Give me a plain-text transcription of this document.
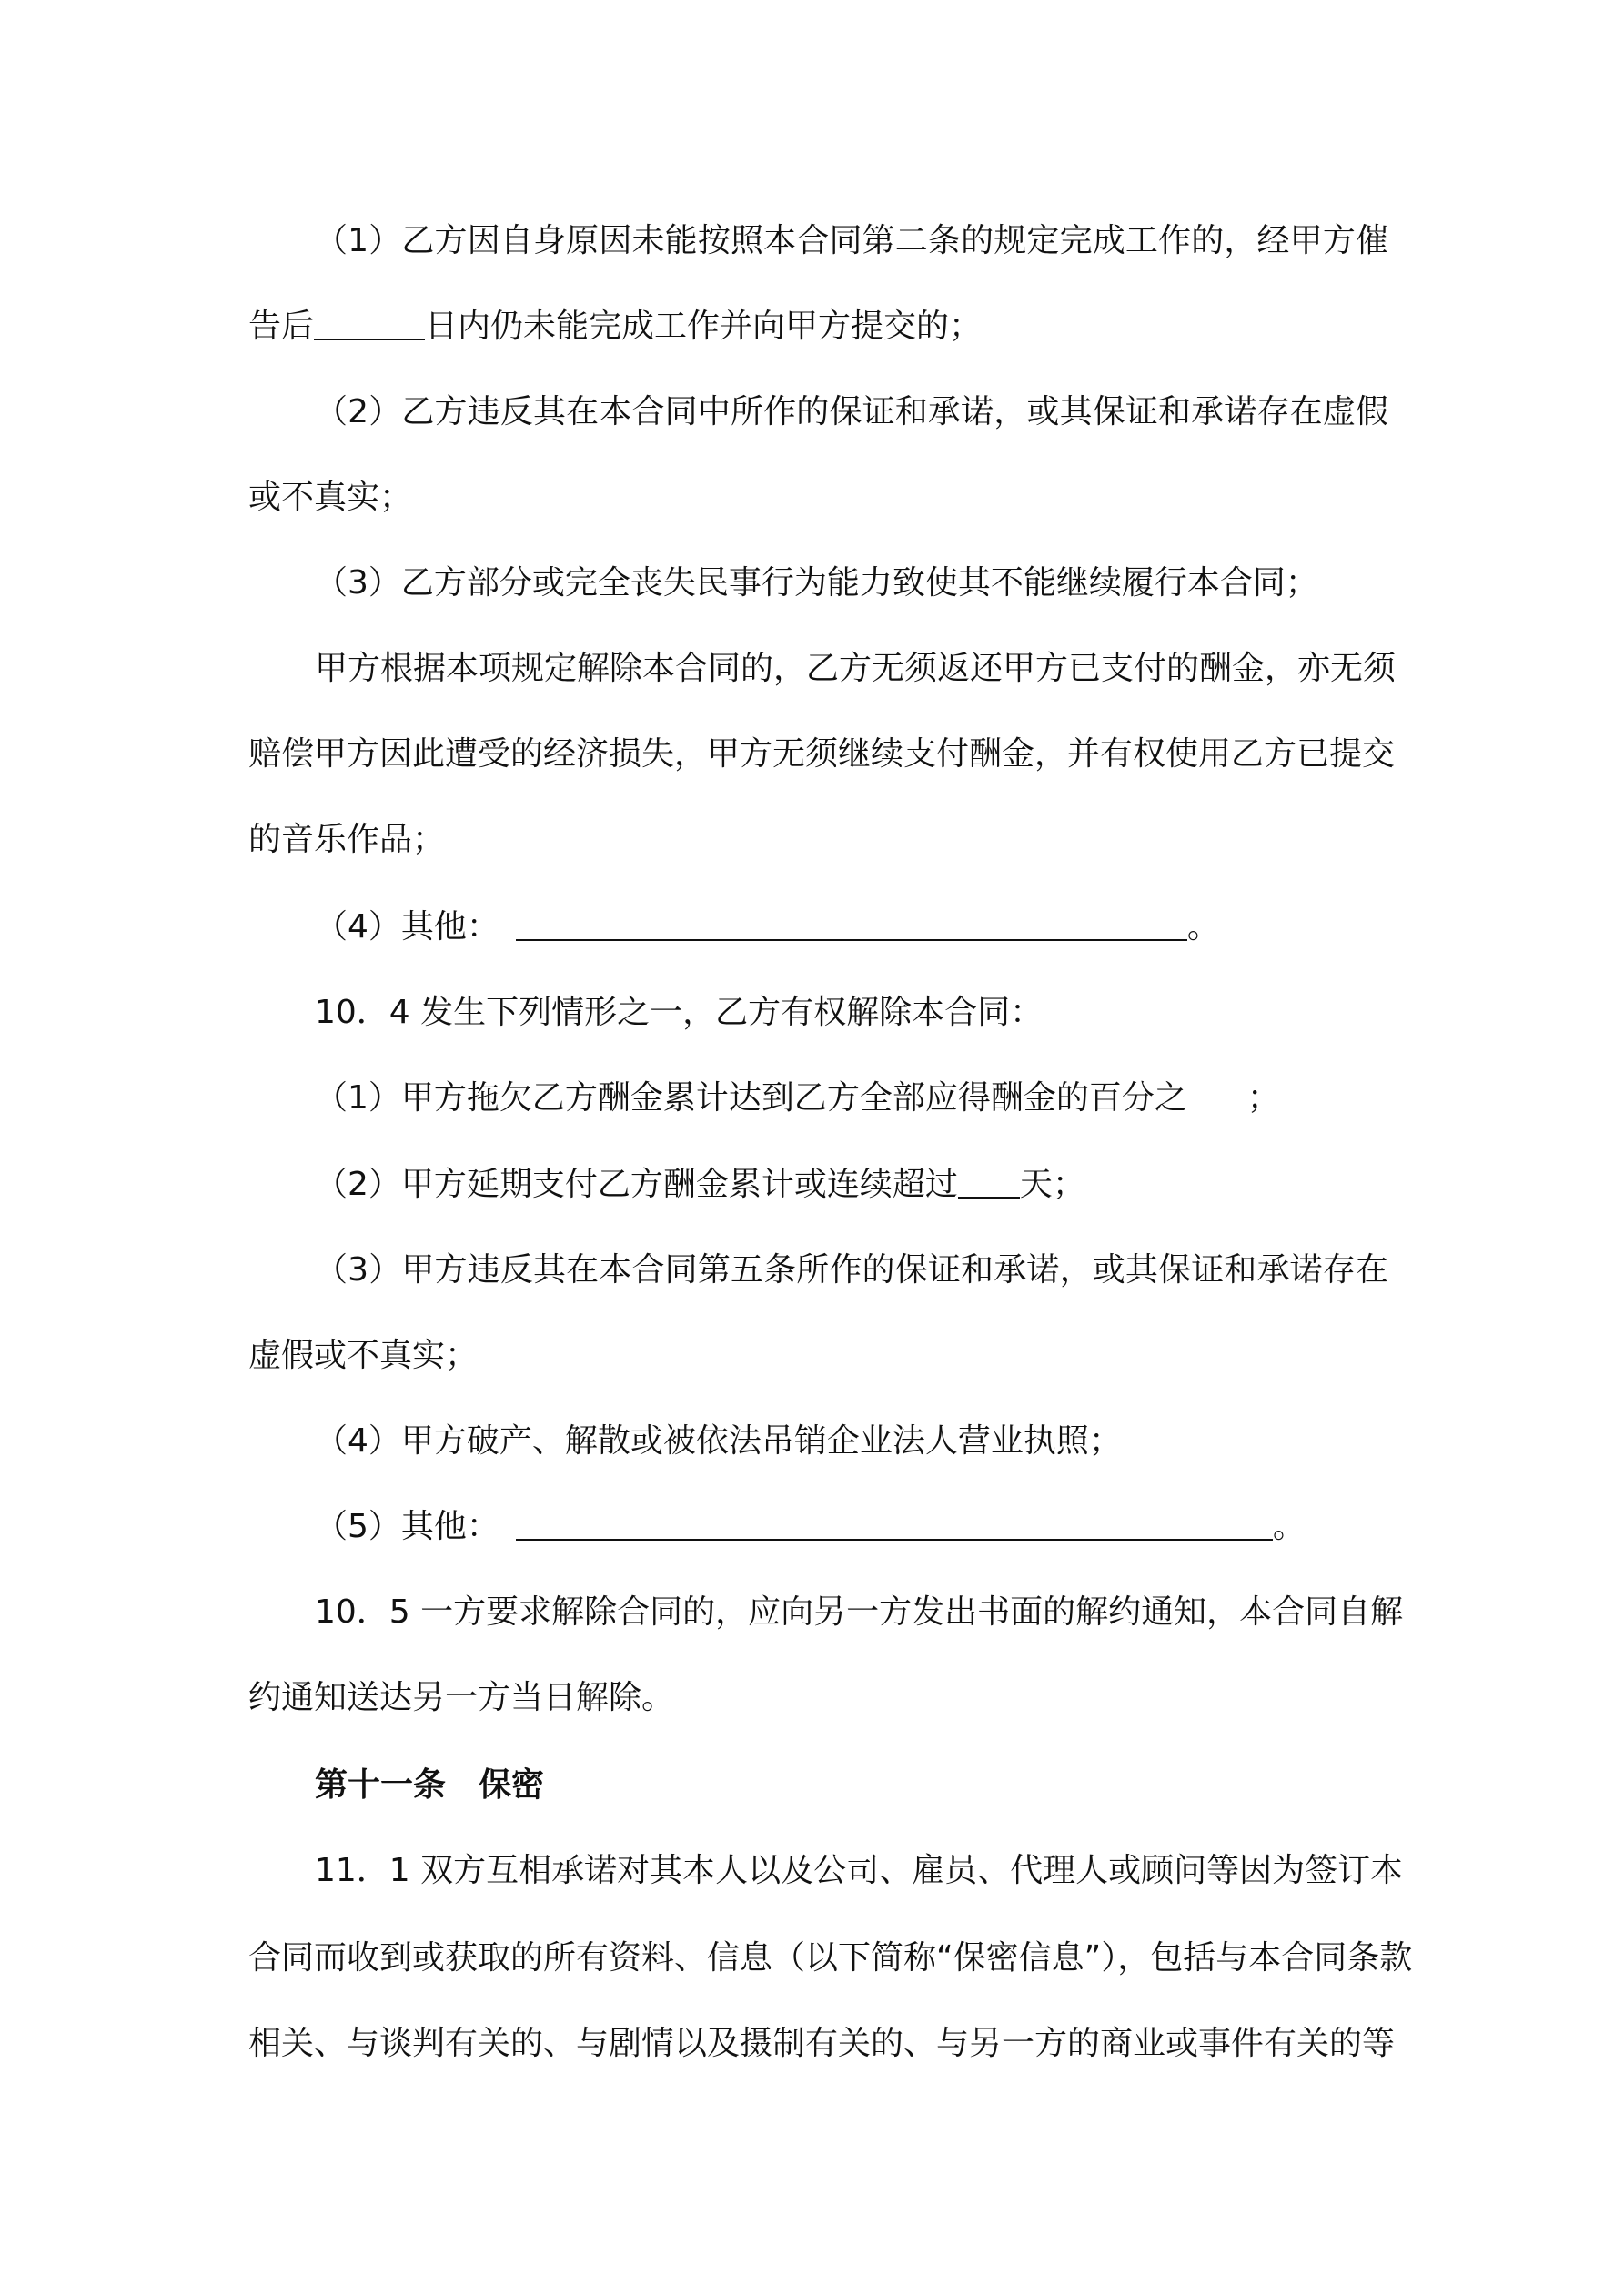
（1）乙方因自身原因未能按照本合同第二条的规定完成工作的，经甲方催
告后	日内仍未能完成工作并向甲方提交的；
（2）乙方违反其在本合同中所作的保证和承诺，或其保证和承诺存在虚假
或不真实；
（3）乙方部分或完全丧失民事行为能力致使其不能继续履行本合同；
甲方根据本项规定解除本合同的，乙方无须返还甲方已支付的酬金，亦无须
赔偿甲方因此遭受的经济损失，甲方无须继续支付酬金，并有权使用乙方已提交
的音乐作品；
（4）其他：	。
10．4 发生下列情形之一，乙方有权解除本合同：
（1）甲方拖欠乙方酬金累计达到乙方全部应得酬金的百分之 ；
（2）甲方延期支付乙方酬金累计或连续超过 天；
（3）甲方违反其在本合同第五条所作的保证和承诺，或其保证和承诺存在
虚假或不真实；
（4）甲方破产、解散或被依法吊销企业法人营业执照；
（5）其他：	。
10．5 一方要求解除合同的，应向另一方发出书面的解约通知，本合同自解
约通知送达另一方当日解除。
第十一条　保密
11．1 双方互相承诺对其本人以及公司、雇员、代理人或顾问等因为签订本
合同而收到或获取的所有资料、信息（以下简称“保密信息”），包括与本合同条款
相关、与谈判有关的、与剧情以及摄制有关的、与另一方的商业或事件有关的等
